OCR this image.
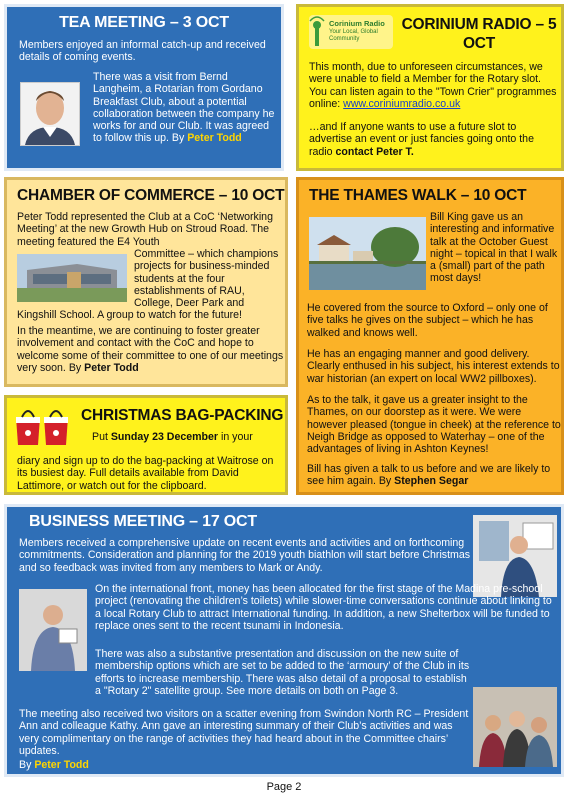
TEA MEETING – 3 OCT

Members enjoyed an informal catch-up and received details of coming events.

There was a visit from Bernd Langheim, a Rotarian from Gordano Breakfast Club, about a potential collaboration between the company he works for and our Club. It was agreed to follow this up. By Peter Todd

Corinium Radio
Your Local, Global Community
CORINIUM RADIO – 5 OCT

This month, due to unforeseen circumstances, we were unable to field a Member for the Rotary slot. You can listen again to the "Town Crier" programmes online: www.coriniumradio.co.uk

…and If anyone wants to use a future slot to advertise an event or just fancies going onto the radio contact Peter T.

CHAMBER OF COMMERCE – 10 OCT

Peter Todd represented the Club at a CoC ‘Networking Meeting’ at the new Growth Hub on Stroud Road. The meeting featured the E4 Youth

Committee – which champions projects for business-minded students at the four establishments of RAU, College, Deer Park and

Kingshill School. A group to watch for the future!

In the meantime, we are continuing to foster greater involvement and contact with the CoC and hope to welcome some of their committee to one of our meetings very soon. By Peter Todd

CHRISTMAS BAG-PACKING

Put Sunday 23 December in your

diary and sign up to do the bag-packing at Waitrose on its busiest day. Full details available from David Lattimore, or watch out for the clipboard.

THE THAMES WALK – 10 OCT

Bill King gave us an interesting and informative talk at the October Guest night – topical in that I walk a (small) part of the path most days!

He covered from the source to Oxford – only one of five talks he gives on the subject – which he has walked and knows well.

He has an engaging manner and good delivery. Clearly enthused in his subject, his interest extends to war historian (an expert on local WW2 pillboxes).

As to the talk, it gave us a greater insight to the Thames, on our doorstep as it were. We were however pleased (tongue in cheek) at the reference to Neigh Bridge as opposed to Waterhay – one of the advantages of living in Ashton Keynes!

Bill has given a talk to us before and we are likely to see him again. By Stephen Segar

BUSINESS MEETING – 17 OCT

Members received a comprehensive update on recent events and activities and on forthcoming commitments. Consideration and planning for the 2019 youth biathlon will start before Christmas and so feedback was invited from any members to Mark or Andy.

On the international front, money has been allocated for the first stage of the Madina pre-school project (renovating the children’s toilets) while slower-time conversations continue about linking to a local Rotary Club to attract International funding. In addition, a new Shelterbox will be funded to replace ones sent to the recent tsunami in Indonesia.

There was also a substantive presentation and discussion on the new suite of membership options which are set to be added to the ‘armoury’ of the Club in its efforts to increase membership. There was also detail of a proposal to establish a "Rotary 2" satellite group. See more details on both on Page 3.

The meeting also received two visitors on a scatter evening from Swindon North RC – President Ann and colleague Kathy. Ann gave an interesting summary of their Club’s activities and was very complimentary on the range of activities they had heard about in the Committee chairs’ updates.

By Peter Todd

Page 2
